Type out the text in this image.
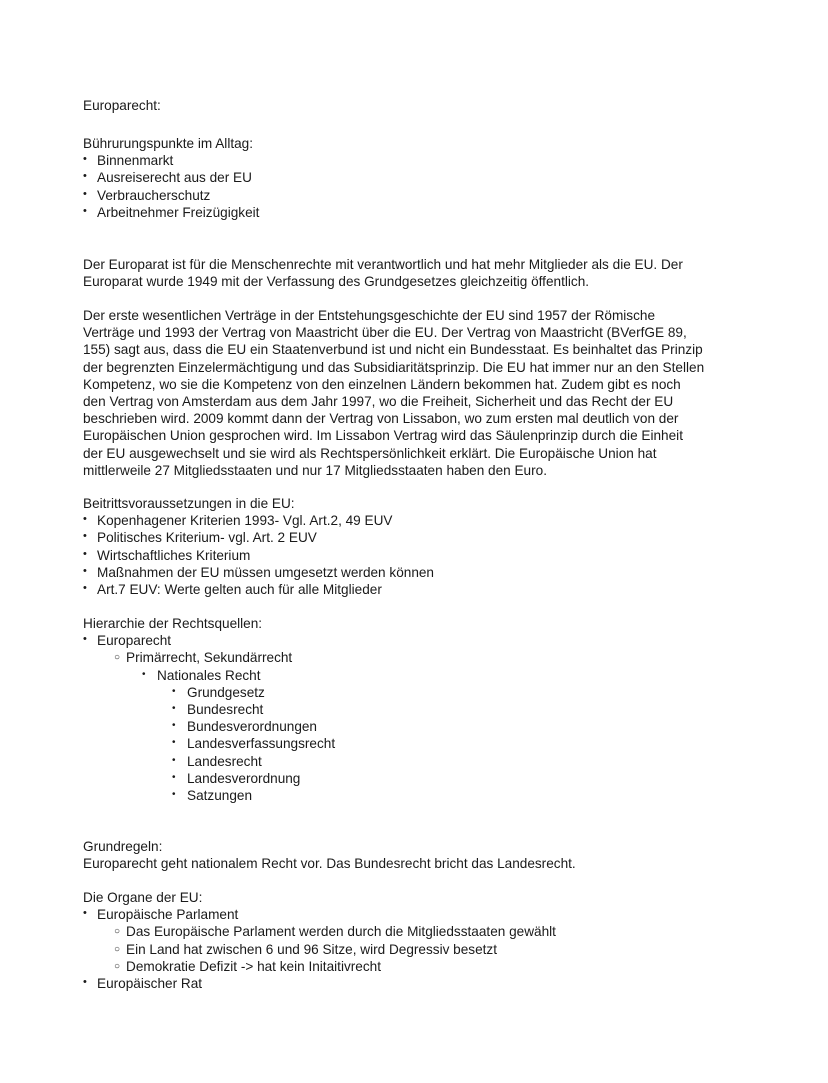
Europarecht:
Bührurungspunkte im Alltag:
• Binnenmarkt
• Ausreiserecht aus der EU
• Verbraucherschutz
• Arbeitnehmer Freizügigkeit
Der Europarat ist für die Menschenrechte mit verantwortlich und hat mehr Mitglieder als die EU. Der
Europarat wurde 1949 mit der Verfassung des Grundgesetzes gleichzeitig öffentlich.
Der erste wesentlichen Verträge in der Entstehungsgeschichte der EU sind 1957 der Römische
Verträge und 1993 der Vertrag von Maastricht über die EU. Der Vertrag von Maastricht (BVerfGE 89,
155) sagt aus, dass die EU ein Staatenverbund ist und nicht ein Bundesstaat. Es beinhaltet das Prinzip
der begrenzten Einzelermächtigung und das Subsidiaritätsprinzip. Die EU hat immer nur an den Stellen
Kompetenz, wo sie die Kompetenz von den einzelnen Ländern bekommen hat. Zudem gibt es noch
den Vertrag von Amsterdam aus dem Jahr 1997, wo die Freiheit, Sicherheit und das Recht der EU
beschrieben wird. 2009 kommt dann der Vertrag von Lissabon, wo zum ersten mal deutlich von der
Europäischen Union gesprochen wird. Im Lissabon Vertrag wird das Säulenprinzip durch die Einheit
der EU ausgewechselt und sie wird als Rechtspersönlichkeit erklärt. Die Europäische Union hat
mittlerweile 27 Mitgliedsstaaten und nur 17 Mitgliedsstaaten haben den Euro.
Beitrittsvoraussetzungen in die EU:
• Kopenhagener Kriterien 1993- Vgl. Art.2, 49 EUV
• Politisches Kriterium- vgl. Art. 2 EUV
• Wirtschaftliches Kriterium
• Maßnahmen der EU müssen umgesetzt werden können
• Art.7 EUV: Werte gelten auch für alle Mitglieder
Hierarchie der Rechtsquellen:
• Europarecht
○ Primärrecht, Sekundärrecht
• Nationales Recht
• Grundgesetz
• Bundesrecht
• Bundesverordnungen
• Landesverfassungsrecht
• Landesrecht
• Landesverordnung
• Satzungen
Grundregeln:
Europarecht geht nationalem Recht vor. Das Bundesrecht bricht das Landesrecht.
Die Organe der EU:
• Europäische Parlament
○ Das Europäische Parlament werden durch die Mitgliedsstaaten gewählt
○ Ein Land hat zwischen 6 und 96 Sitze, wird Degressiv besetzt
○ Demokratie Defizit -> hat kein Initaitivrecht
• Europäischer Rat
